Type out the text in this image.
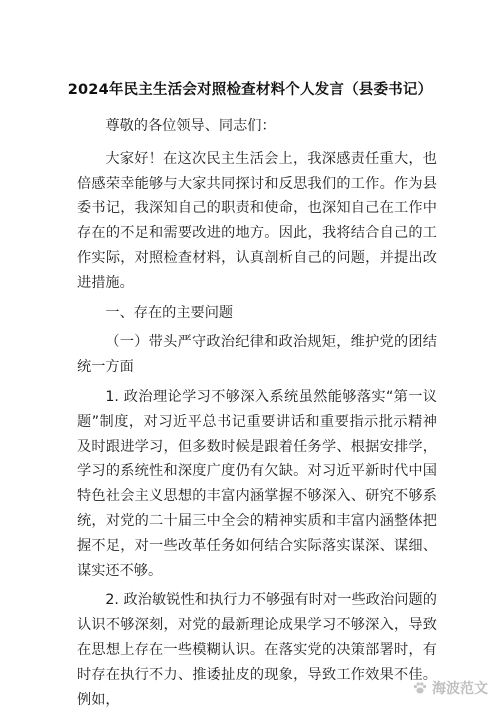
2024年民主生活会对照检查材料个人发言（县委书记）

尊敬的各位领导、同志们：

大家好！在这次民主生活会上，我深感责任重大，也倍感荣幸能够与大家共同探讨和反思我们的工作。作为县委书记，我深知自己的职责和使命，也深知自己在工作中存在的不足和需要改进的地方。因此，我将结合自己的工作实际，对照检查材料，认真剖析自己的问题，并提出改进措施。

一、存在的主要问题

（一）带头严守政治纪律和政治规矩，维护党的团结统一方面

1. 政治理论学习不够深入系统虽然能够落实“第一议题”制度，对习近平总书记重要讲话和重要指示批示精神及时跟进学习，但多数时候是跟着任务学、根据安排学，学习的系统性和深度广度仍有欠缺。对习近平新时代中国特色社会主义思想的丰富内涵掌握不够深入、研究不够系统，对党的二十届三中全会的精神实质和丰富内涵整体把握不足，对一些改革任务如何结合实际落实谋深、谋细、谋实还不够。

2. 政治敏锐性和执行力不够强有时对一些政治问题的认识不够深刻，对党的最新理论成果学习不够深入，导致在思想上存在一些模糊认识。在落实党的决策部署时，有时存在执行不力、推诿扯皮的现象，导致工作效果不佳。例如，

海波范文
